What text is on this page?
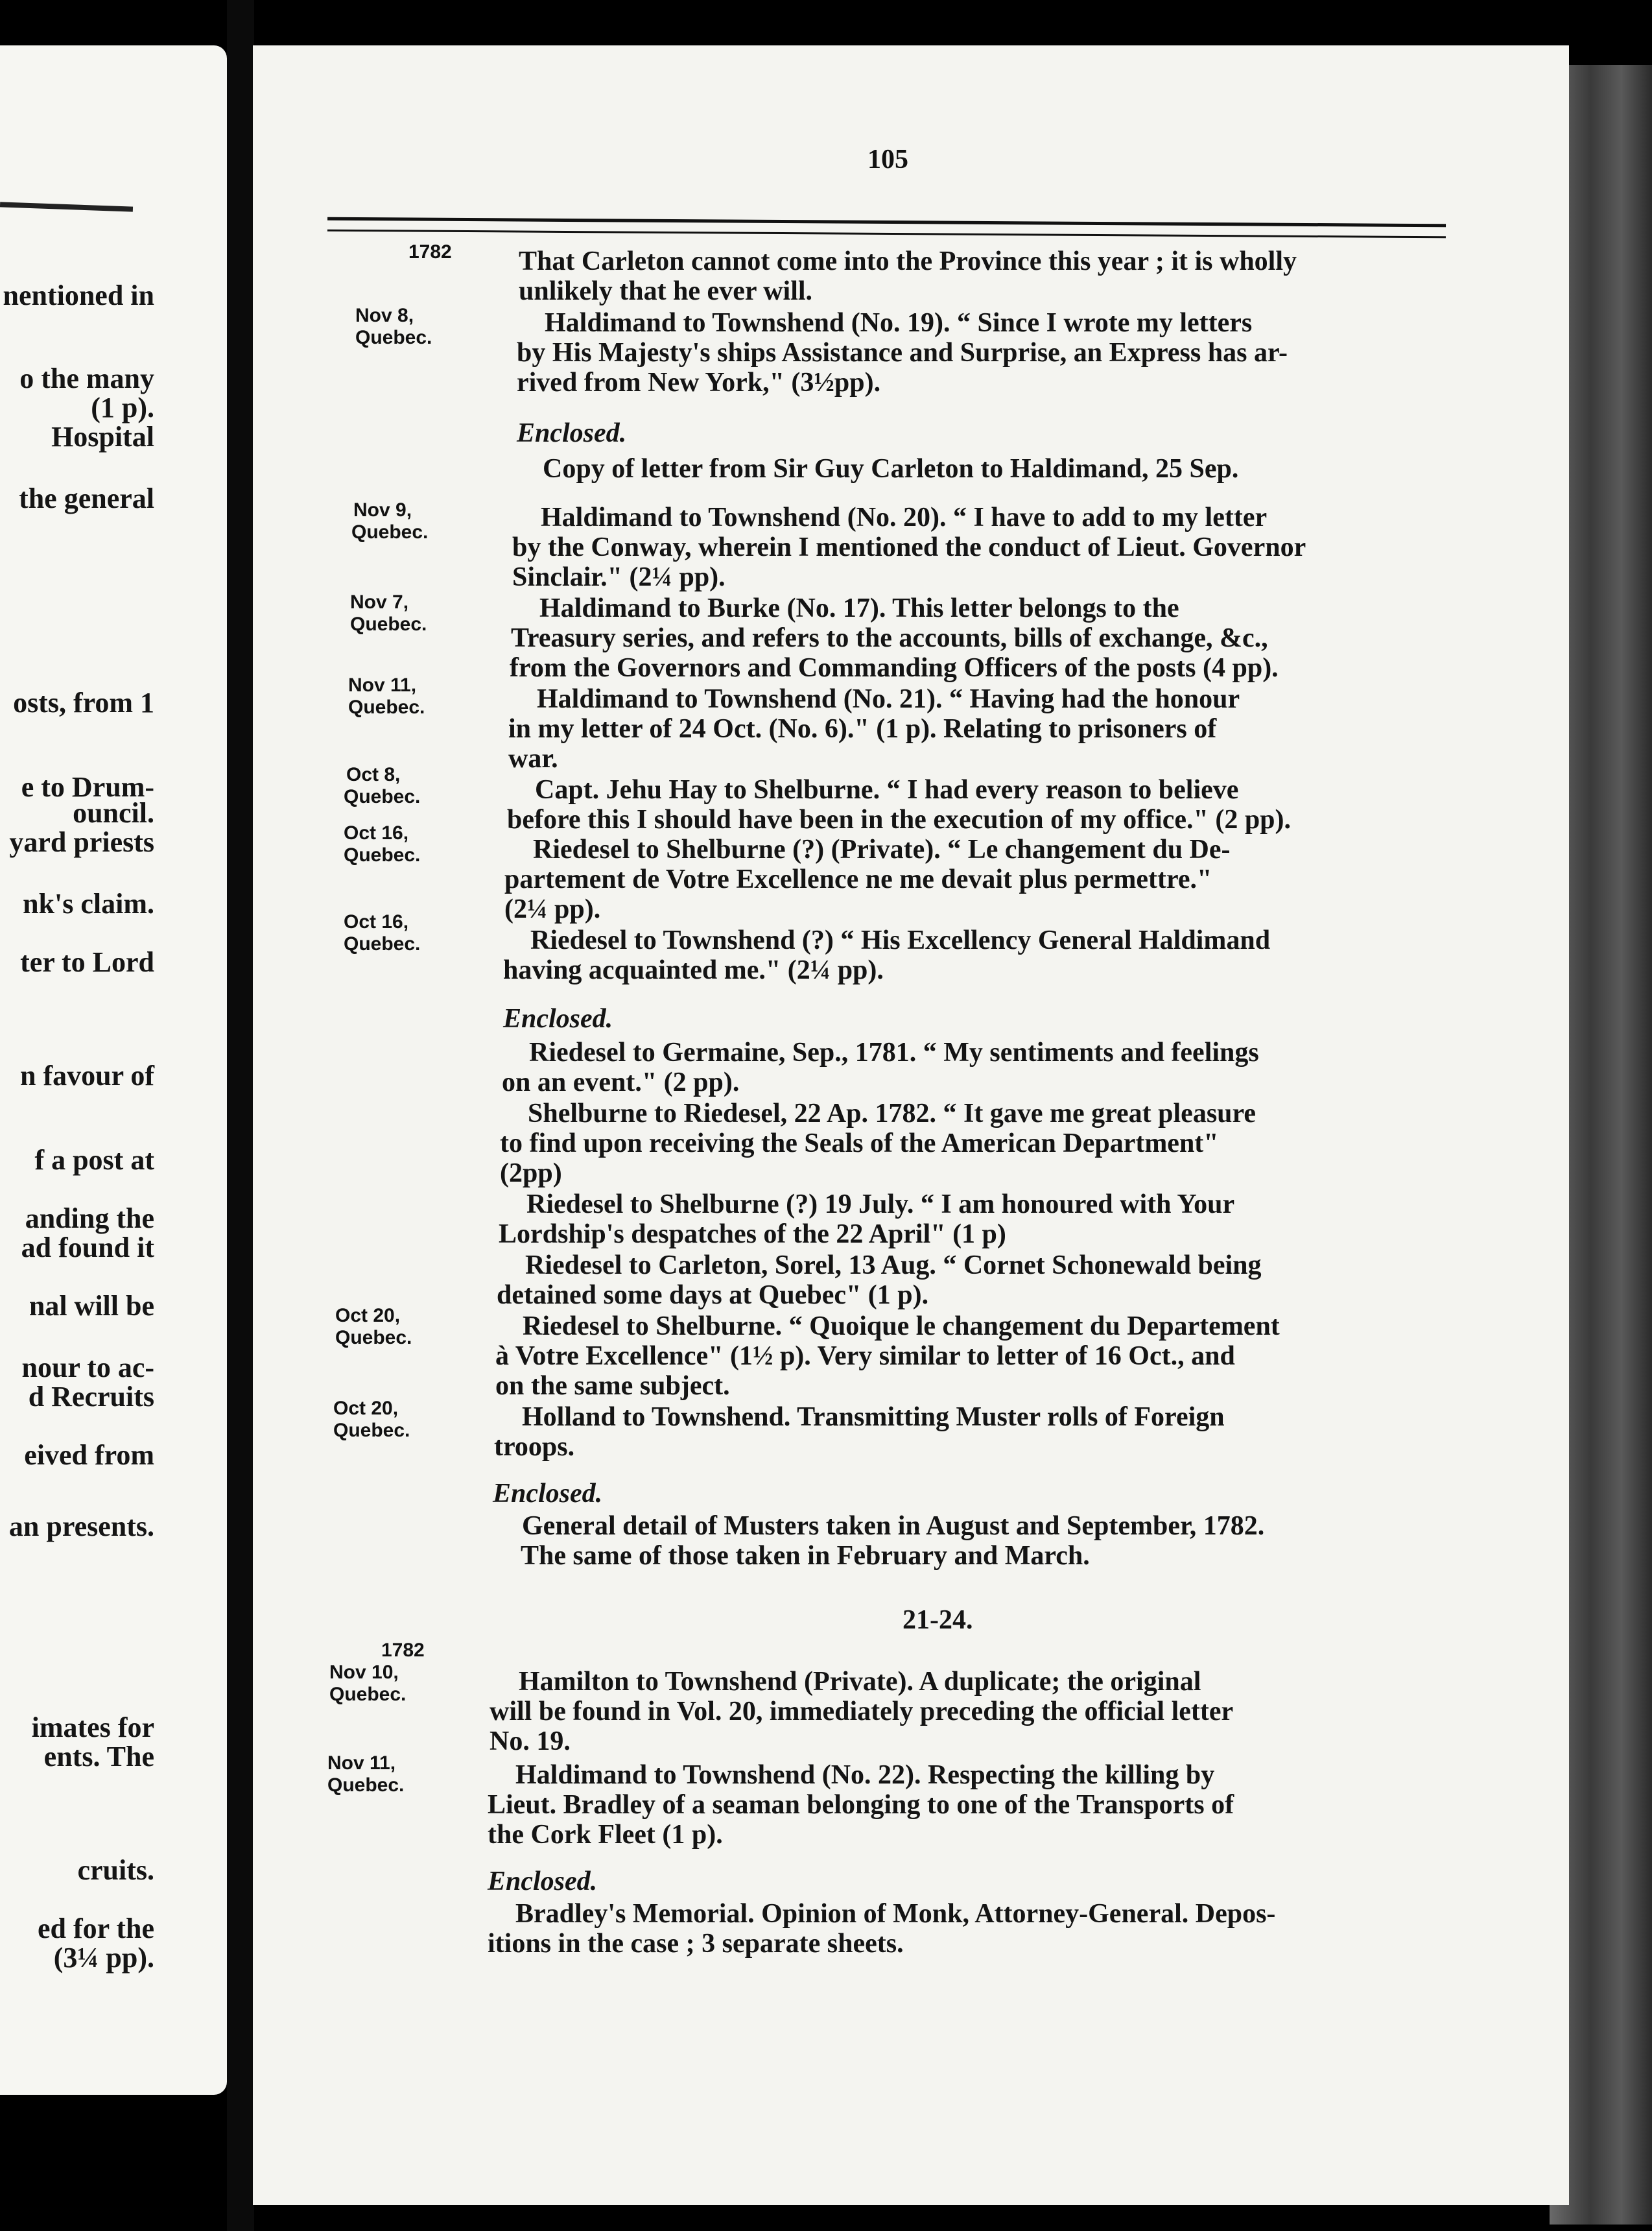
nentioned in
o the many
(1 p).
Hospital
the general
osts, from 1
e to Drum-
ouncil.
yard priests
nk's claim.
ter to Lord
n favour of
f a post at
anding the
ad found it
nal will be
nour to ac-
d Recruits
eived from
an presents.
imates for
ents. The
cruits.
ed for the
(3¼ pp).
105
1782
Nov 8,
Quebec.
Nov 9,
Quebec.
Nov 7,
Quebec.
Nov 11,
Quebec.
Oct 8,
Quebec.
Oct 16,
Quebec.
Oct 16,
Quebec.
Oct 20,
Quebec.
Oct 20,
Quebec.
1782
Nov 10,
Quebec.
Nov 11,
Quebec.
That Carleton cannot come into the Province this year ; it is wholly
unlikely that he ever will.
Haldimand to Townshend (No. 19). “ Since I wrote my letters
by His Majesty's ships Assistance and Surprise, an Express has ar-
rived from New York," (3½pp).
Enclosed.
Copy of letter from Sir Guy Carleton to Haldimand, 25 Sep.
Haldimand to Townshend (No. 20). “ I have to add to my letter
by the Conway, wherein I mentioned the conduct of Lieut. Governor
Sinclair." (2¼ pp).
Haldimand to Burke (No. 17). This letter belongs to the
Treasury series, and refers to the accounts, bills of exchange, &c.,
from the Governors and Commanding Officers of the posts (4 pp).
Haldimand to Townshend (No. 21). “ Having had the honour
in my letter of 24 Oct. (No. 6)." (1 p). Relating to prisoners of
war.
Capt. Jehu Hay to Shelburne. “ I had every reason to believe
before this I should have been in the execution of my office." (2 pp).
Riedesel to Shelburne (?) (Private). “ Le changement du De-
partement de Votre Excellence ne me devait plus permettre."
(2¼ pp).
Riedesel to Townshend (?) “ His Excellency General Haldimand
having acquainted me." (2¼ pp).
Enclosed.
Riedesel to Germaine, Sep., 1781. “ My sentiments and feelings
on an event." (2 pp).
Shelburne to Riedesel, 22 Ap. 1782. “ It gave me great pleasure
to find upon receiving the Seals of the American Department"
(2pp)
Riedesel to Shelburne (?) 19 July. “ I am honoured with Your
Lordship's despatches of the 22 April" (1 p)
Riedesel to Carleton, Sorel, 13 Aug. “ Cornet Schonewald being
detained some days at Quebec" (1 p).
Riedesel to Shelburne. “ Quoique le changement du Departement
à Votre Excellence" (1½ p). Very similar to letter of 16 Oct., and
on the same subject.
Holland to Townshend. Transmitting Muster rolls of Foreign
troops.
Enclosed.
General detail of Musters taken in August and September, 1782.
The same of those taken in February and March.
21-24.
Hamilton to Townshend (Private). A duplicate; the original
will be found in Vol. 20, immediately preceding the official letter
No. 19.
Haldimand to Townshend (No. 22). Respecting the killing by
Lieut. Bradley of a seaman belonging to one of the Transports of
the Cork Fleet (1 p).
Enclosed.
Bradley's Memorial. Opinion of Monk, Attorney-General. Depos-
itions in the case ; 3 separate sheets.
